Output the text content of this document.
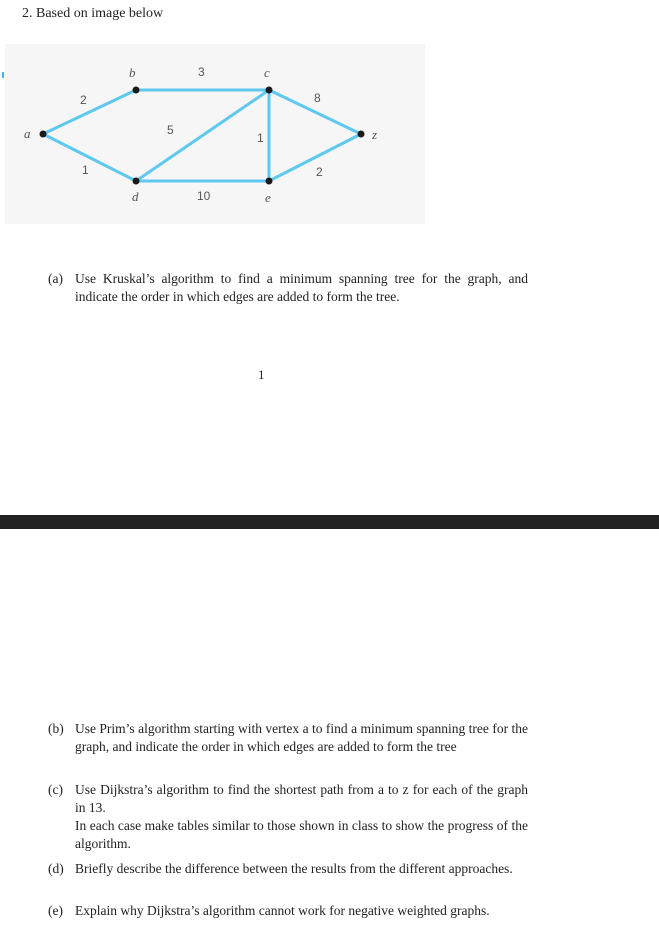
2. Based on image below
a
b	c
d	e
z
2
1
3
5
1
8
10
2
(a) Use Kruskal’s algorithm to find a minimum spanning tree for the graph, and indicate the order in which edges are added to form the tree.
1
(b) Use Prim’s algorithm starting with vertex a to find a minimum spanning tree for the graph, and indicate the order in which edges are added to form the tree
(c) Use Dijkstra’s algorithm to find the shortest path from a to z for each of the graph in 13.
In each case make tables similar to those shown in class to show the progress of the algorithm.
(d) Briefly describe the difference between the results from the different approaches.
(e) Explain why Dijkstra’s algorithm cannot work for negative weighted graphs.
